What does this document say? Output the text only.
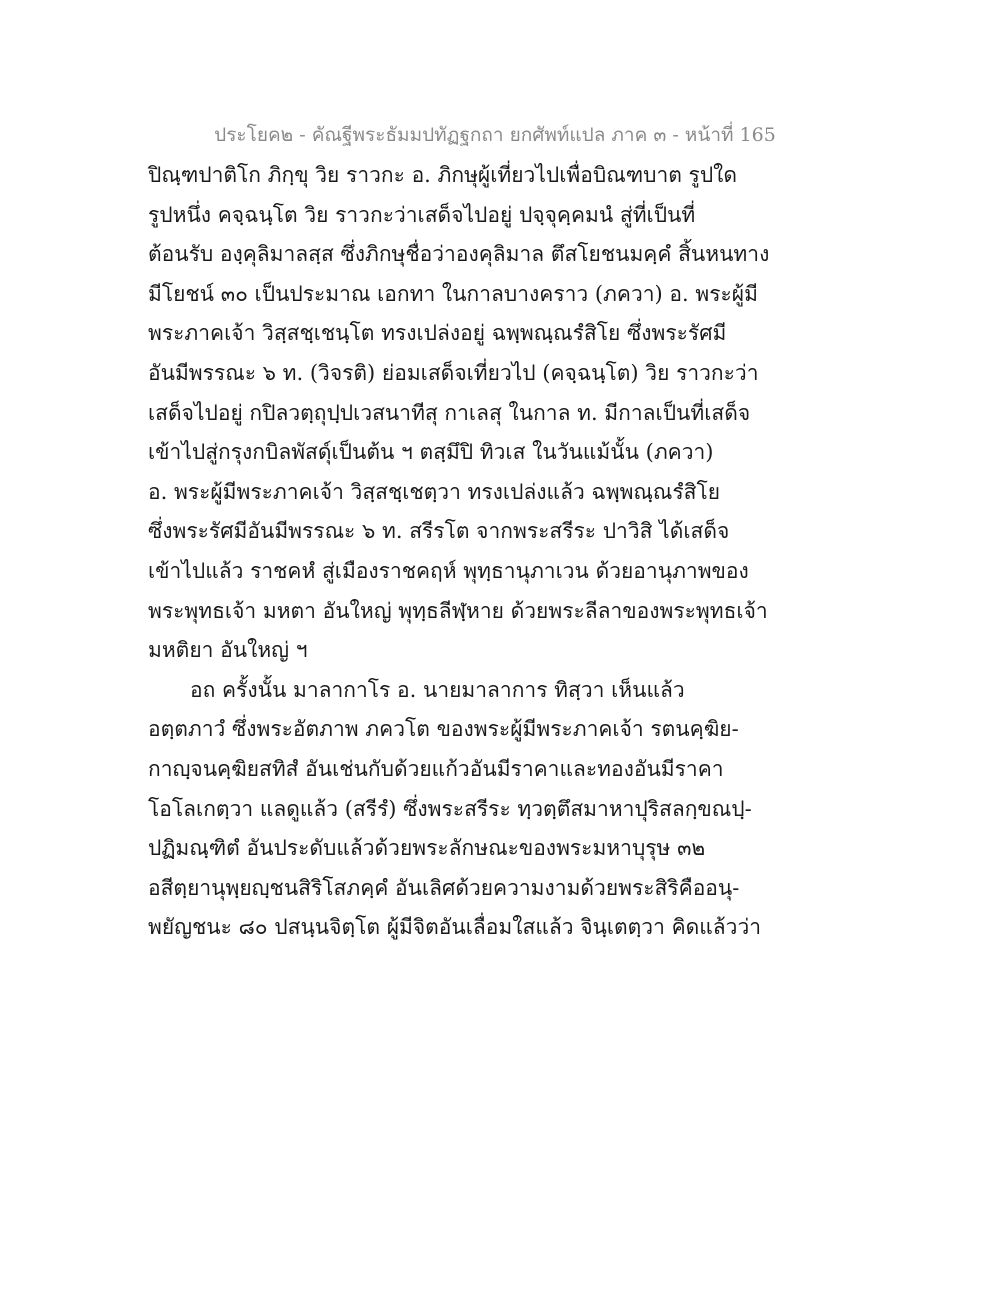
ประโยค๒ - คัณฐีพระธัมมปทัฏฐกถา ยกศัพท์แปล ภาค ๓ - หน้าที่ 165
ปิณฺฑปาติโก ภิกฺขุ วิย ราวกะ อ. ภิกษุผู้เที่ยวไปเพื่อบิณฑบาต รูปใด
รูปหนึ่ง คจฺฉนฺโต วิย ราวกะว่าเสด็จไปอยู่ ปจฺจุคฺคมนํ สู่ที่เป็นที่
ต้อนรับ องฺคุลิมาลสฺส ซึ่งภิกษุชื่อว่าองคุลิมาล ตึสโยชนมคฺคํ สิ้นหนทาง
มีโยชน์ ๓๐ เป็นประมาณ เอกทา ในกาลบางคราว (ภควา) อ. พระผู้มี
พระภาคเจ้า วิสฺสชฺเชนฺโต ทรงเปล่งอยู่ ฉพฺพณฺณรํสิโย ซึ่งพระรัศมี
อันมีพรรณะ ๖ ท. (วิจรติ) ย่อมเสด็จเที่ยวไป (คจฺฉนฺโต) วิย ราวกะว่า
เสด็จไปอยู่ กปิลวตฺถุปฺปเวสนาทีสุ กาเลสุ ในกาล ท. มีกาลเป็นที่เสด็จ
เข้าไปสู่กรุงกบิลพัสดุ์เป็นต้น ฯ ตสฺมึปิ ทิวเส ในวันแม้นั้น (ภควา)
อ. พระผู้มีพระภาคเจ้า วิสฺสชฺเชตฺวา ทรงเปล่งแล้ว ฉพฺพณฺณรํสิโย
ซึ่งพระรัศมีอันมีพรรณะ ๖ ท. สรีรโต จากพระสรีระ ปาวิสิ ได้เสด็จ
เข้าไปแล้ว ราชคหํ สู่เมืองราชคฤห์ พุทฺธานุภาเวน ด้วยอานุภาพของ
พระพุทธเจ้า มหตา อันใหญ่ พุทฺธลีฬฺหาย ด้วยพระลีลาของพระพุทธเจ้า
มหติยา อันใหญ่ ฯ
อถ ครั้งนั้น มาลากาโร อ. นายมาลาการ ทิสฺวา เห็นแล้ว
อตฺตภาวํ ซึ่งพระอัตภาพ ภควโต ของพระผู้มีพระภาคเจ้า รตนคฺฆิย-
กาญฺจนคฺฆิยสทิสํ อันเช่นกับด้วยแก้วอันมีราคาและทองอันมีราคา
โอโลเกตฺวา แลดูแล้ว (สรีรํ) ซึ่งพระสรีระ ทฺวตฺตึสมาหาปุริสลกฺขณปฺ-
ปฏิมณฺฑิตํ อันประดับแล้วด้วยพระลักษณะของพระมหาบุรุษ ๓๒
อสีตฺยานุพฺยญฺชนสิริโสภคฺคํ อันเลิศด้วยความงามด้วยพระสิริคืออนุ-
พยัญชนะ ๘๐ ปสนฺนจิตฺโต ผู้มีจิตอันเลื่อมใสแล้ว จินฺเตตฺวา คิดแล้วว่า
